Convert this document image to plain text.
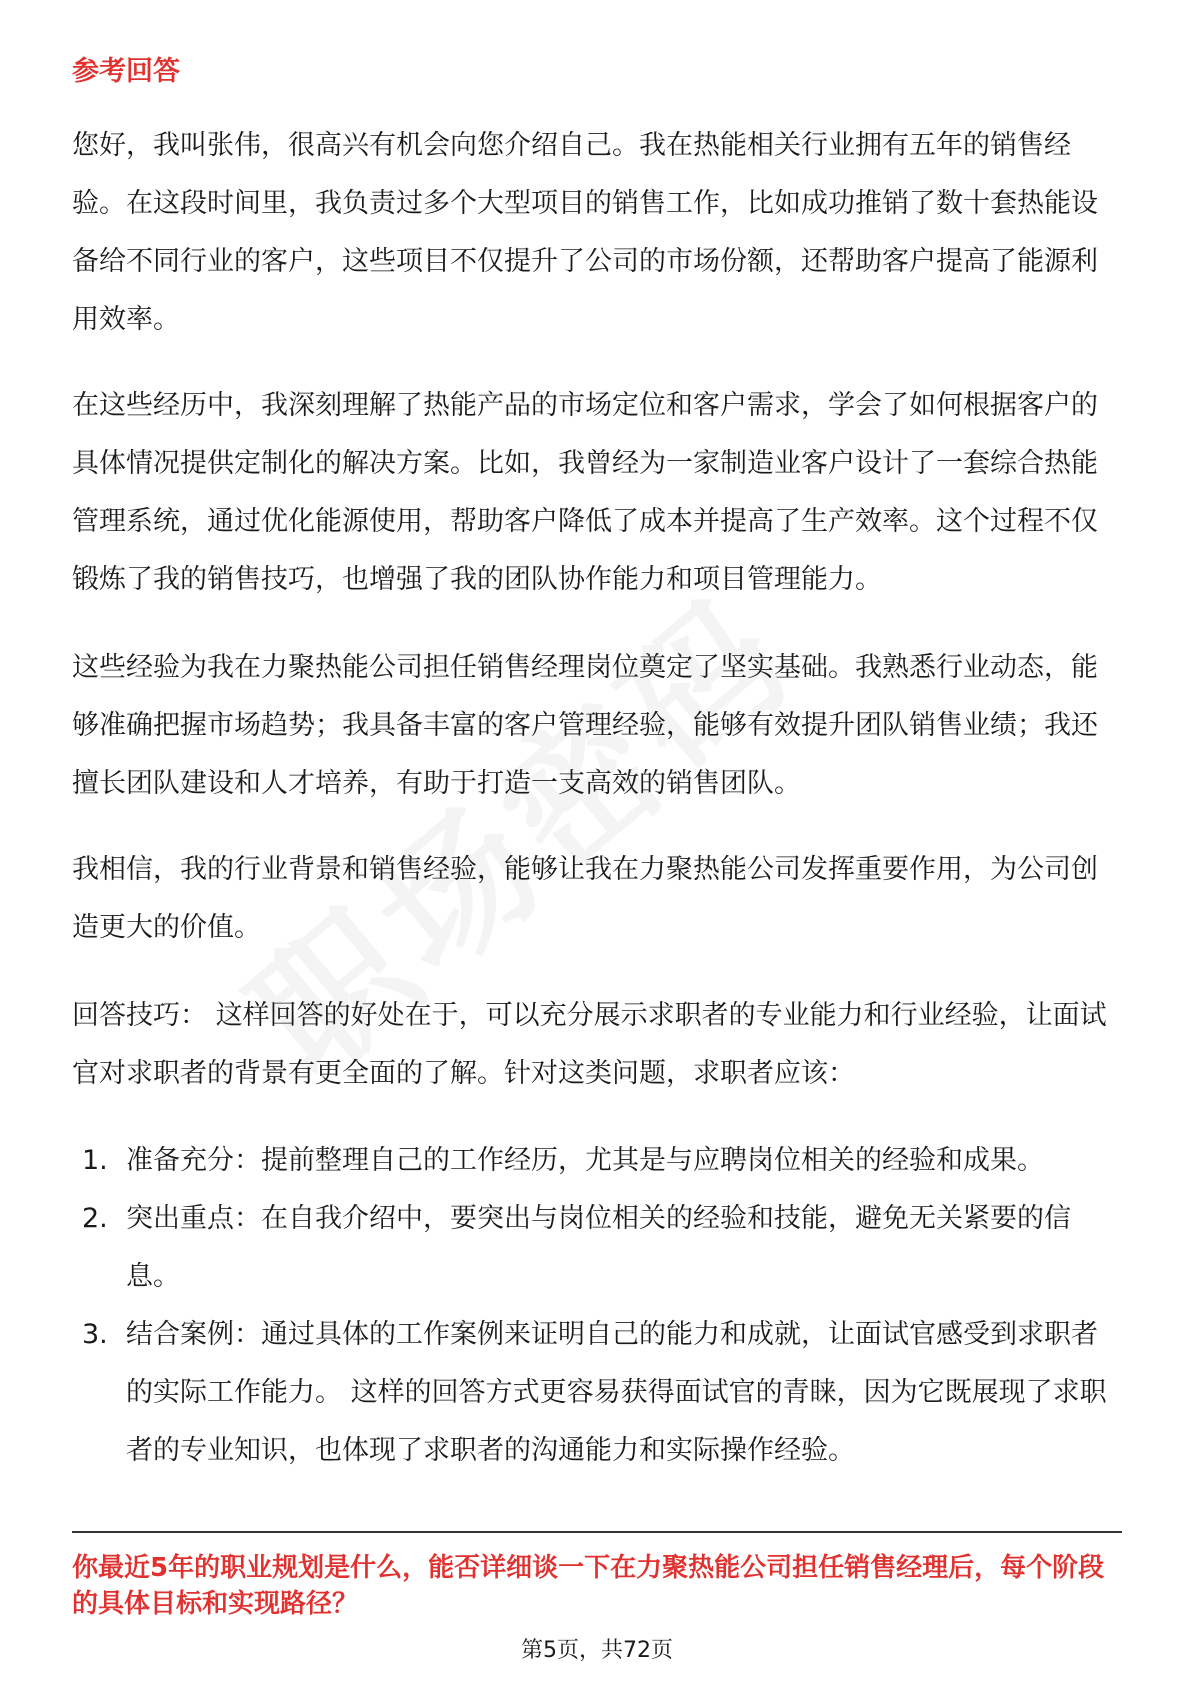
参考回答

您好，我叫张伟，很高兴有机会向您介绍自己。我在热能相关行业拥有五年的销售经验。在这段时间里，我负责过多个大型项目的销售工作，比如成功推销了数十套热能设备给不同行业的客户，这些项目不仅提升了公司的市场份额，还帮助客户提高了能源利用效率。

在这些经历中，我深刻理解了热能产品的市场定位和客户需求，学会了如何根据客户的具体情况提供定制化的解决方案。比如，我曾经为一家制造业客户设计了一套综合热能管理系统，通过优化能源使用，帮助客户降低了成本并提高了生产效率。这个过程不仅锻炼了我的销售技巧，也增强了我的团队协作能力和项目管理能力。

这些经验为我在力聚热能公司担任销售经理岗位奠定了坚实基础。我熟悉行业动态，能够准确把握市场趋势；我具备丰富的客户管理经验，能够有效提升团队销售业绩；我还擅长团队建设和人才培养，有助于打造一支高效的销售团队。

我相信，我的行业背景和销售经验，能够让我在力聚热能公司发挥重要作用，为公司创造更大的价值。

回答技巧： 这样回答的好处在于，可以充分展示求职者的专业能力和行业经验，让面试官对求职者的背景有更全面的了解。针对这类问题，求职者应该：

1. 准备充分：提前整理自己的工作经历，尤其是与应聘岗位相关的经验和成果。
2. 突出重点：在自我介绍中，要突出与岗位相关的经验和技能，避免无关紧要的信息。
3. 结合案例：通过具体的工作案例来证明自己的能力和成就，让面试官感受到求职者的实际工作能力。 这样的回答方式更容易获得面试官的青睐，因为它既展现了求职者的专业知识，也体现了求职者的沟通能力和实际操作经验。
你最近5年的职业规划是什么，能否详细谈一下在力聚热能公司担任销售经理后，每个阶段的具体目标和实现路径？
第5页，共72页
